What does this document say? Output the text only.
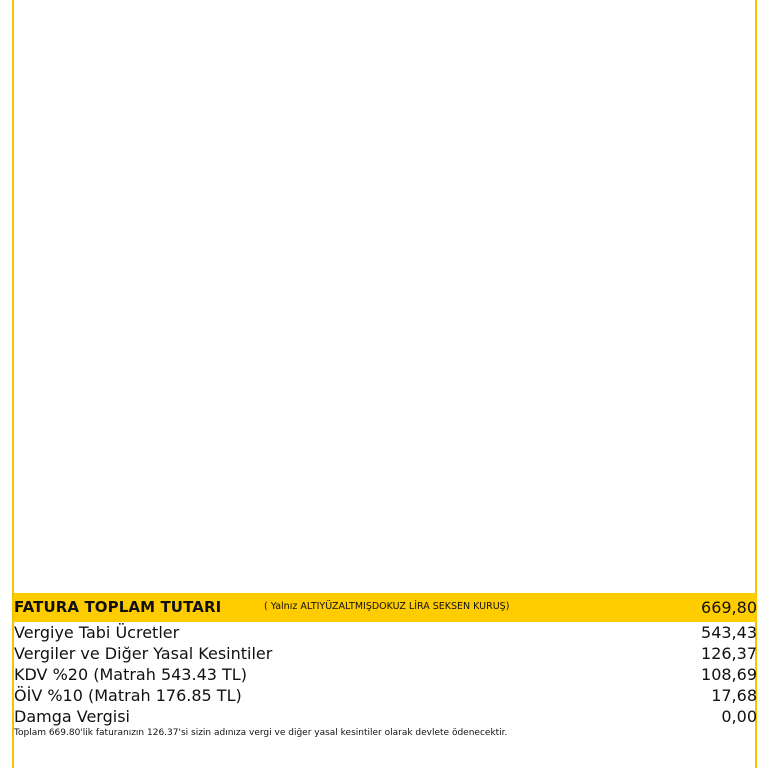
FATURA TOPLAM TUTARI	( Yalnız ALTIYÜZALTMIŞDOKUZ LİRA SEKSEN KURUŞ)	669,80
Vergiye Tabi Ücretler	543,43
Vergiler ve Diğer Yasal Kesintiler	126,37
KDV %20 (Matrah 543.43 TL)	108,69
ÖİV %10 (Matrah 176.85 TL)	17,68
Damga Vergisi	0,00
Toplam 669.80'lik faturanızın 126.37'si sizin adınıza vergi ve diğer yasal kesintiler olarak devlete ödenecektir.
